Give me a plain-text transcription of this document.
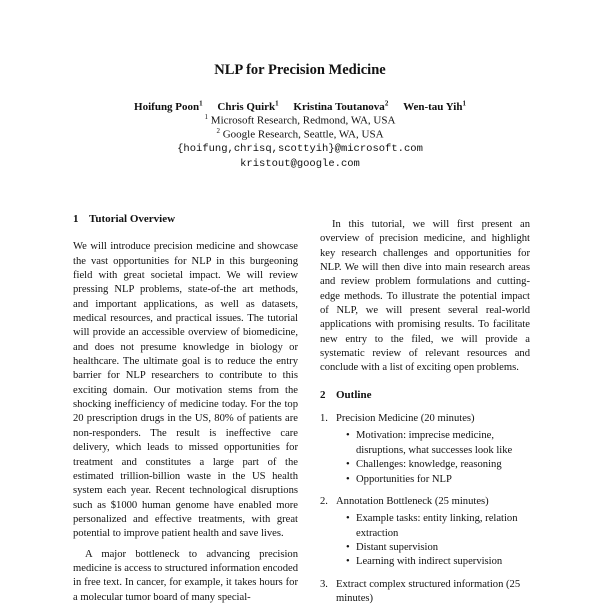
NLP for Precision Medicine
Hoifung Poon$^1$ Chris Quirk$^1$ Kristina Toutanova$^2$ Wen-tau Yih$^1$
$^1$ Microsoft Research, Redmond, WA, USA
$^2$ Google Research, Seattle, WA, USA
{hoifung,chrisq,scottyih}@microsoft.com
kristout@google.com
1 Tutorial Overview

We will introduce precision medicine and showcase the vast opportunities for NLP in this burgeoning field with great societal impact. We will review pressing NLP problems, state-of-the art methods, and important applications, as well as datasets, medical resources, and practical issues. The tutorial will provide an accessible overview of biomedicine, and does not presume knowledge in biology or healthcare. The ultimate goal is to reduce the entry barrier for NLP researchers to contribute to this exciting domain. Our motivation stems from the shocking inefficiency of medicine today. For the top 20 prescription drugs in the US, 80% of patients are non-responders. The result is ineffective care delivery, which leads to missed opportunities for treatment and constitutes a large part of the estimated trillion-billion waste in the US health system each year. Recent technological disruptions such as $1000 human genome have enabled more personalized and effective treatments, with great potential to improve patient health and save lives.

A major bottleneck to advancing precision medicine is access to structured information encoded in free text. In cancer, for example, it takes hours for a molecular tumor board of many special-

In this tutorial, we will first present an overview of precision medicine, and highlight key research challenges and opportunities for NLP. We will then dive into main research areas and review problem formulations and cutting-edge methods. To illustrate the potential impact of NLP, we will present several real-world applications with promising results. To facilitate new entry to the filed, we will provide a systematic review of relevant resources and conclude with a list of exciting open problems.

2 Outline
1. Precision Medicine (20 minutes)
• Motivation: imprecise medicine, disruptions, what successes look like
• Challenges: knowledge, reasoning
• Opportunities for NLP
2. Annotation Bottleneck (25 minutes)
• Example tasks: entity linking, relation extraction
• Distant supervision
• Learning with indirect supervision
3. Extract complex structured information (25 minutes)
